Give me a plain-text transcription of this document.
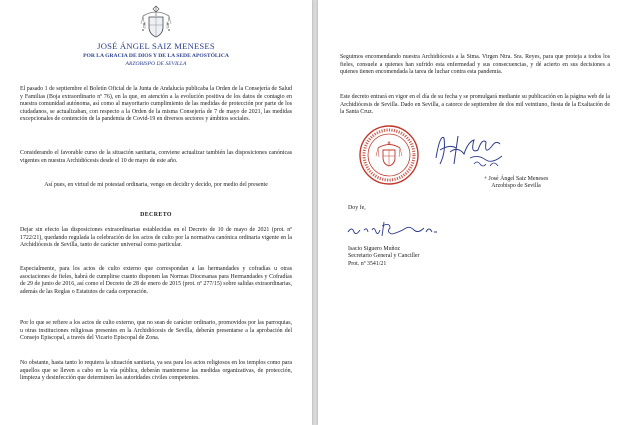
JOSÉ ÁNGEL SAIZ MENESES
POR LA GRACIA DE DIOS Y DE LA SEDE APOSTÓLICA
ARZOBISPO DE SEVILLA

El pasado 1 de septiembre el Boletín Oficial de la Junta de Andalucía publicaba la Orden de la Consejería de Salud y Familias (Boja extraordinario nº 76), en la que, en atención a la evolución positiva de los datos de contagio en nuestra comunidad autónoma, así como al mayoritario cumplimiento de las medidas de protección por parte de los ciudadanos, se actualizaban, con respecto a la Orden de la misma Consejería de 7 de mayo de 2021, las medidas excepcionales de contención de la pandemia de Covid-19 en diversos sectores y ámbitos sociales.

Considerando el favorable curso de la situación sanitaria, conviene actualizar también las disposiciones canónicas vigentes en nuestra Archidiócesis desde el 10 de mayo de este año.

Así pues, en virtud de mi potestad ordinaria, vengo en decidir y decido, por medio del presente

DECRETO

Dejar sin efecto las disposiciones extraordinarias establecidas en el Decreto de 10 de mayo de 2021 (prot. nº 1722/21), quedando regulada la celebración de los actos de culto por la normativa canónica ordinaria vigente en la Archidiócesis de Sevilla, tanto de carácter universal como particular.

Especialmente, para los actos de culto externo que correspondan a las hermandades y cofradías u otras asociaciones de fieles, habrá de cumplirse cuanto disponen las Normas Diocesanas para Hermandades y Cofradías de 29 de junio de 2016, así como el Decreto de 28 de enero de 2015 (prot. nº 277/15) sobre salidas extraordinarias, además de las Reglas o Estatutos de cada corporación.

Por lo que se refiere a los actos de culto externo, que no sean de carácter ordinario, promovidos por las parroquias, u otras instituciones religiosas presentes en la Archidiócesis de Sevilla, deberán presentarse a la aprobación del Consejo Episcopal, a través del Vicario Episcopal de Zona.

No obstante, hasta tanto lo requiera la situación sanitaria, ya sea para los actos religiosos en los templos como para aquellos que se lleven a cabo en la vía pública, deberán mantenerse las medidas organizativas, de protección, limpieza y desinfección que determinen las autoridades civiles competentes.

Seguimos encomendando nuestra Archidiócesis a la Stma. Virgen Ntra. Sra. Reyes, para que proteja a todos los fieles, consuele a quienes han sufrido esta enfermedad y sus consecuencias, y dé acierto en sus decisiones a quienes tienen encomendada la tarea de luchar contra esta pandemia.

Este decreto entrará en vigor en el día de su fecha y se promulgará mediante su publicación en la página web de la Archidiócesis de Sevilla. Dado en Sevilla, a catorce de septiembre de dos mil veintiuno, fiesta de la Exaltación de la Santa Cruz.

+ José Ángel Saiz Meneses
Arzobispo de Sevilla
Doy fe,
Isacio Siguero Muñoz
Secretario General y Canciller
Prot. nº 3541/21
